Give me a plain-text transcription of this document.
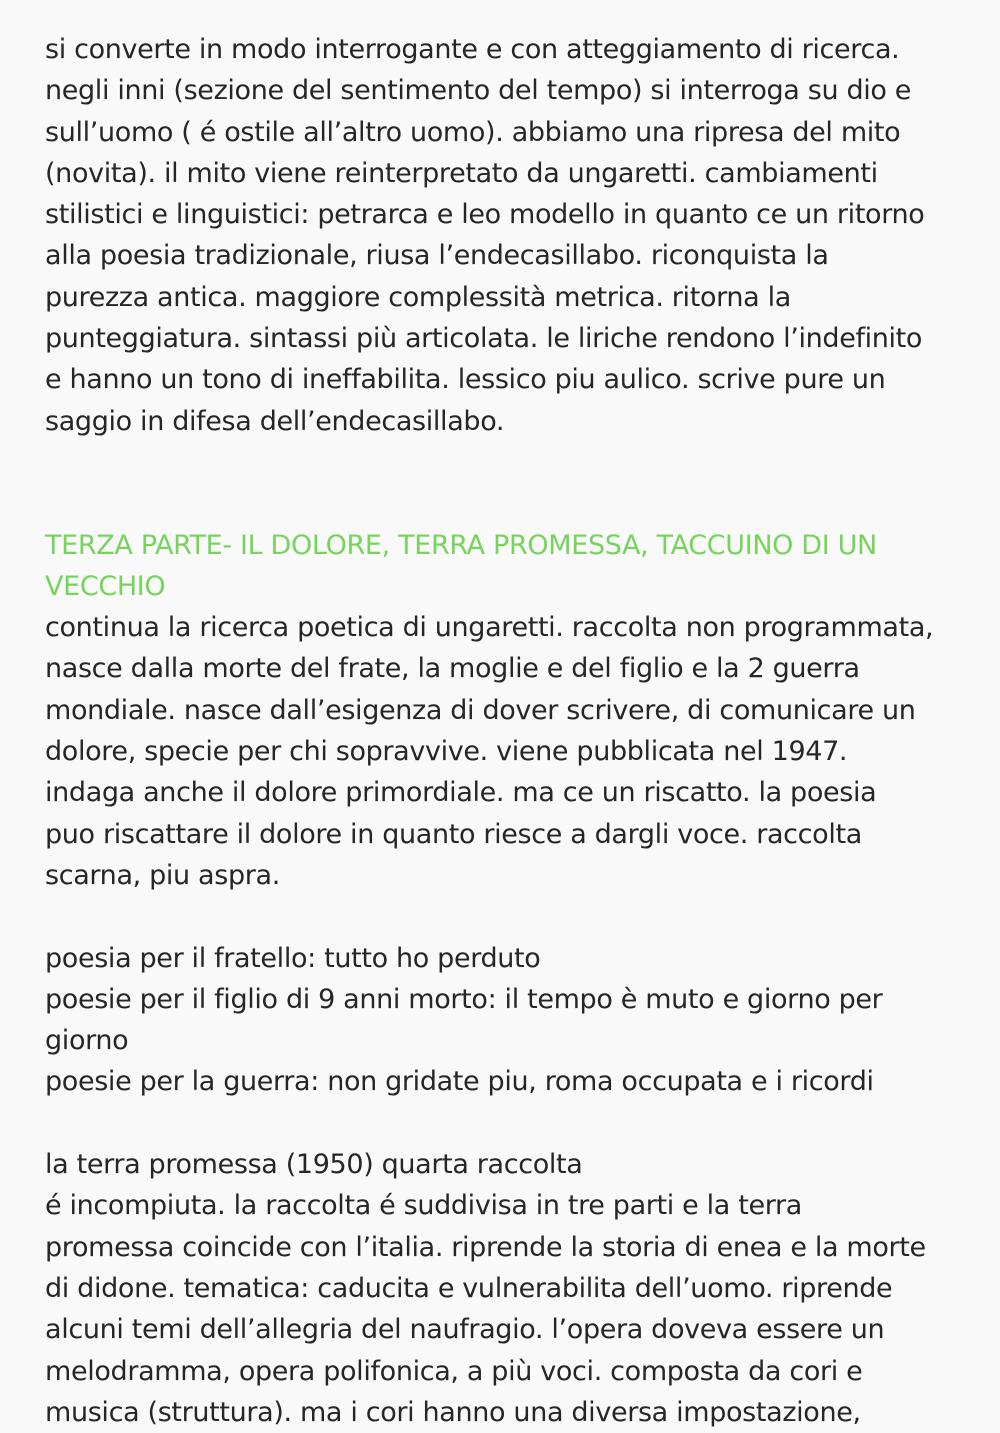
si converte in modo interrogante e con atteggiamento di ricerca.
negli inni (sezione del sentimento del tempo) si interroga su dio e
sull’uomo ( é ostile all’altro uomo). abbiamo una ripresa del mito
(novita). il mito viene reinterpretato da ungaretti. cambiamenti
stilistici e linguistici: petrarca e leo modello in quanto ce un ritorno
alla poesia tradizionale, riusa l’endecasillabo. riconquista la
purezza antica. maggiore complessità metrica. ritorna la
punteggiatura. sintassi più articolata. le liriche rendono l’indefinito
e hanno un tono di ineffabilita. lessico piu aulico. scrive pure un
saggio in difesa dell’endecasillabo.
TERZA PARTE- IL DOLORE, TERRA PROMESSA, TACCUINO DI UN
VECCHIO
continua la ricerca poetica di ungaretti. raccolta non programmata,
nasce dalla morte del frate, la moglie e del figlio e la 2 guerra
mondiale. nasce dall’esigenza di dover scrivere, di comunicare un
dolore, specie per chi sopravvive. viene pubblicata nel 1947.
indaga anche il dolore primordiale. ma ce un riscatto. la poesia
puo riscattare il dolore in quanto riesce a dargli voce. raccolta
scarna, piu aspra.
poesia per il fratello: tutto ho perduto
poesie per il figlio di 9 anni morto: il tempo è muto e giorno per
giorno
poesie per la guerra: non gridate piu, roma occupata e i ricordi
la terra promessa (1950) quarta raccolta
é incompiuta. la raccolta é suddivisa in tre parti e la terra
promessa coincide con l’italia. riprende la storia di enea e la morte
di didone. tematica: caducita e vulnerabilita dell’uomo. riprende
alcuni temi dell’allegria del naufragio. l’opera doveva essere un
melodramma, opera polifonica, a più voci. composta da cori e
musica (struttura). ma i cori hanno una diversa impostazione,
